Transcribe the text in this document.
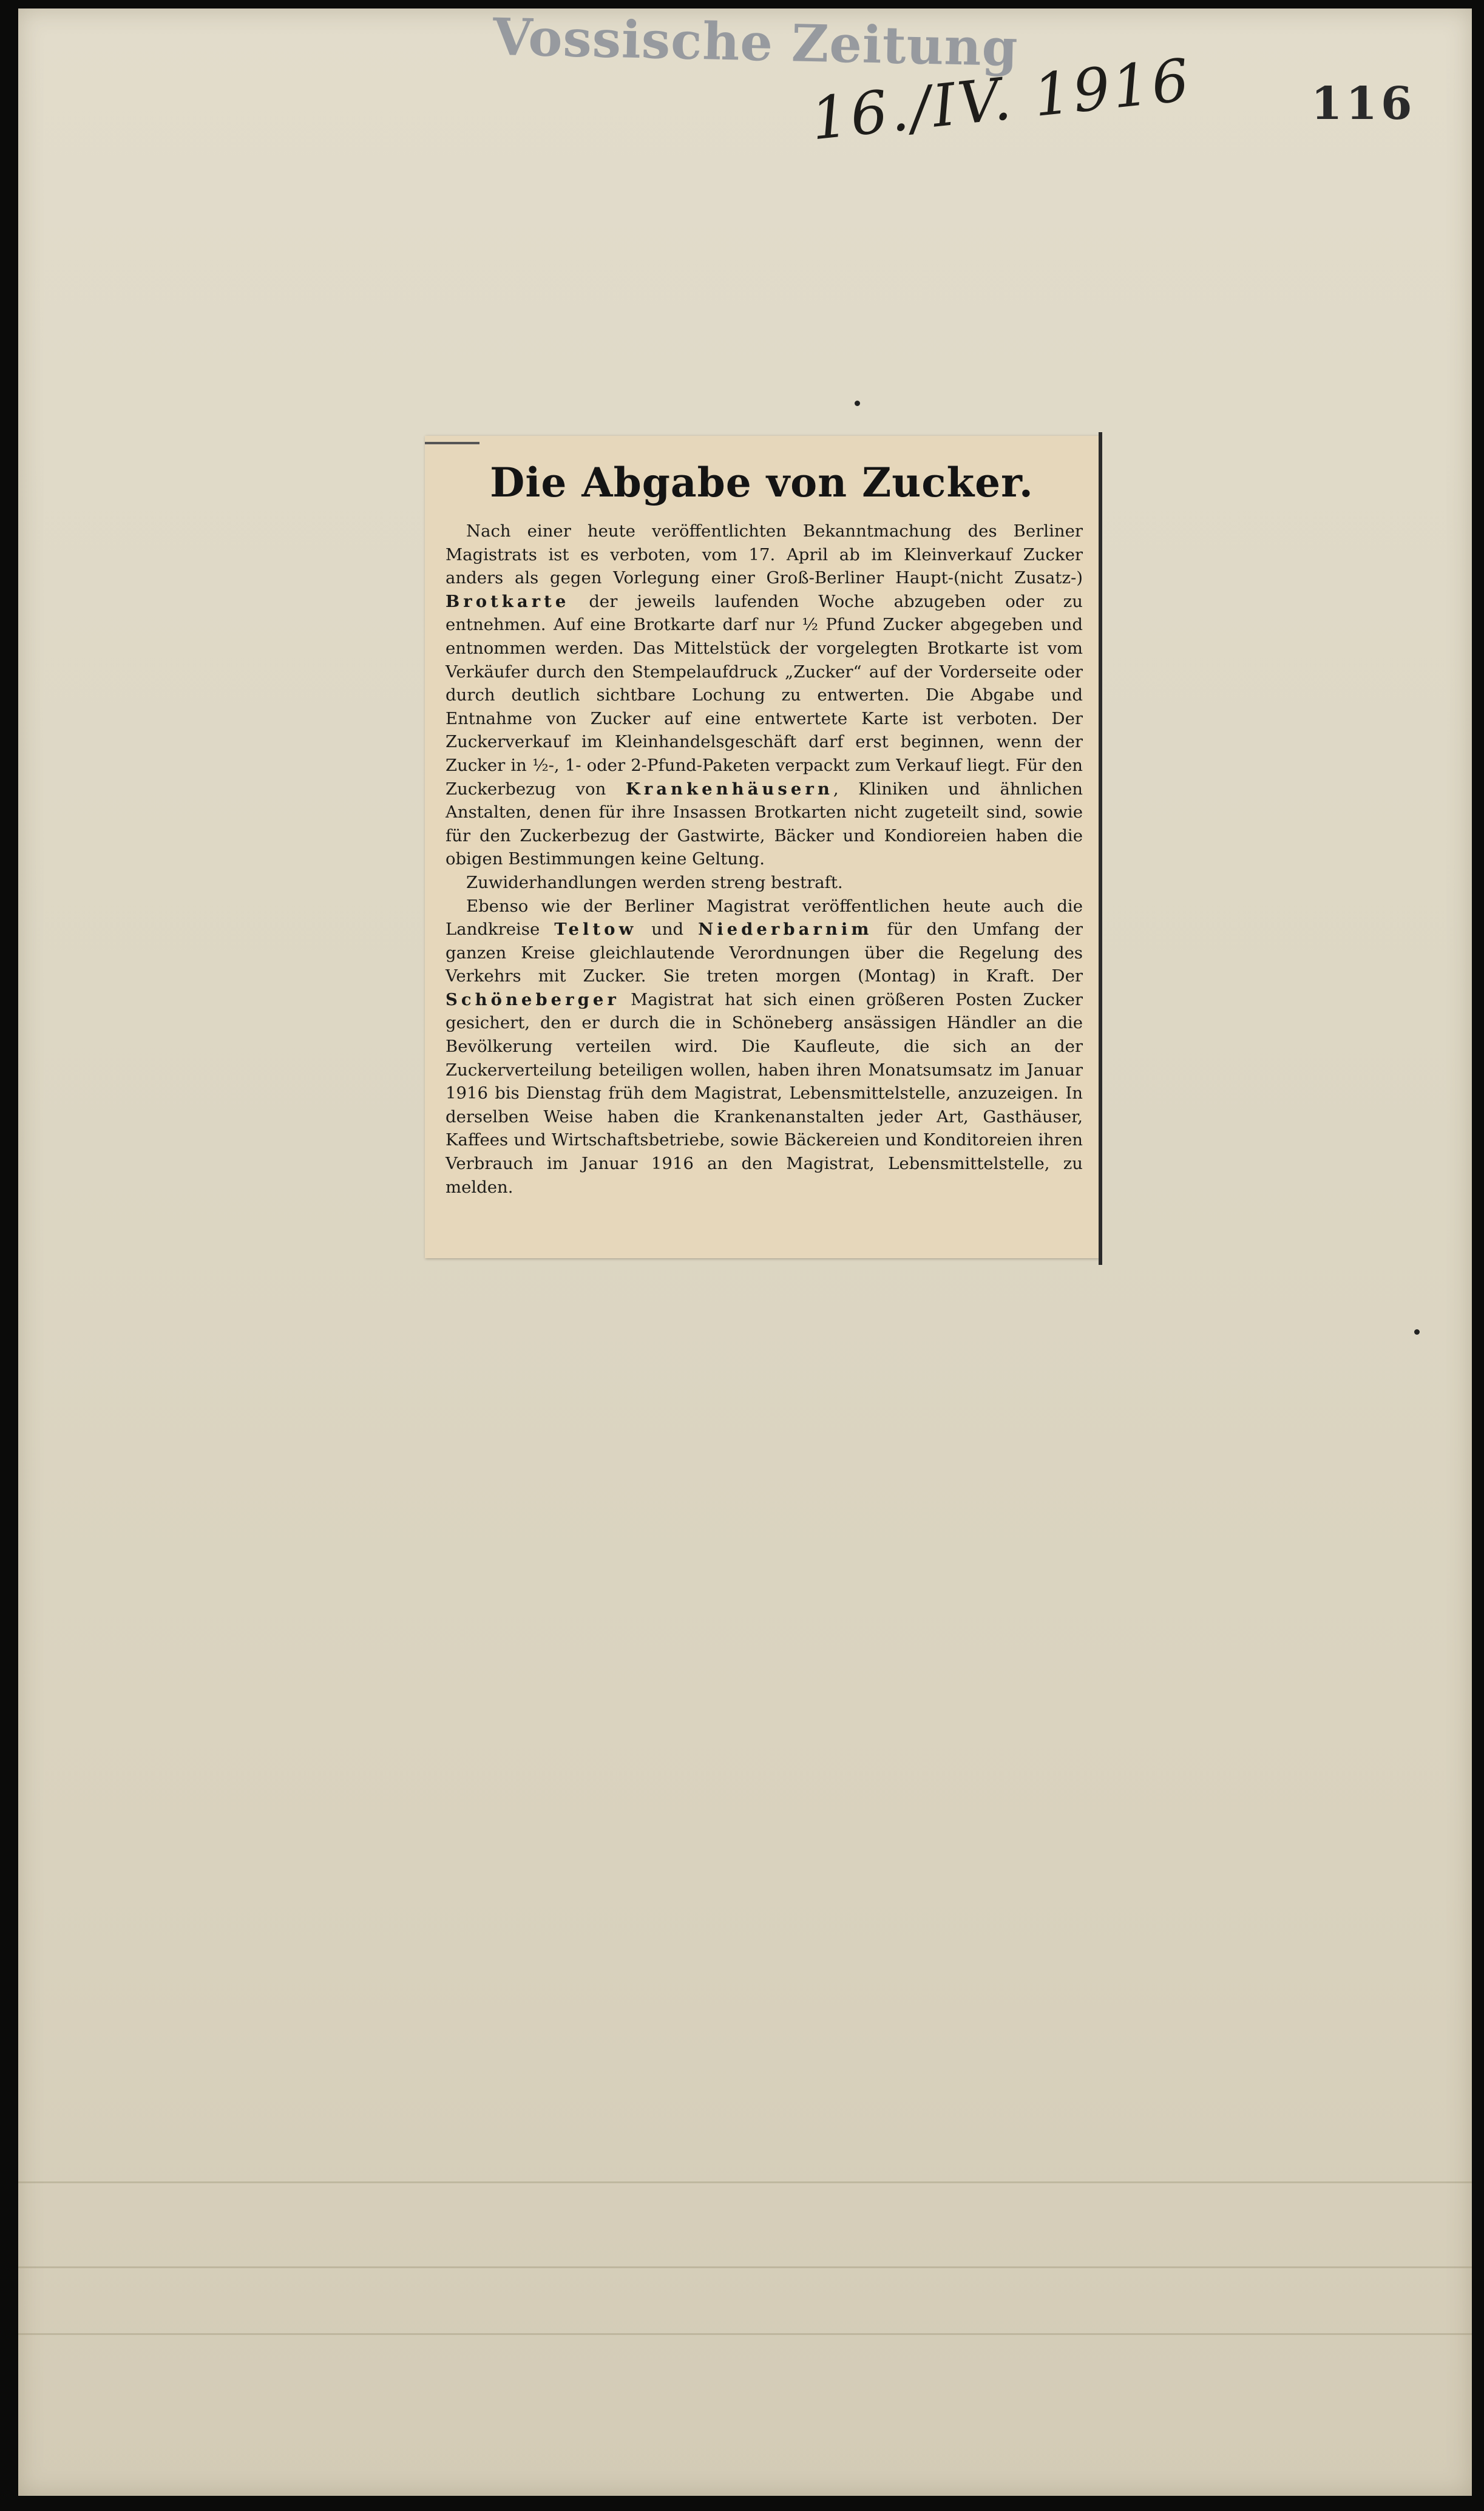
Vossische Zeitung
16./IV. 1916	116
Die Abgabe von Zucker.

Nach einer heute veröffentlichten Bekanntmachung des Berliner Magistrats ist es verboten, vom 17. April ab im Kleinverkauf Zucker anders als gegen Vorlegung einer Groß-Berliner Haupt-(nicht Zusatz-) Brotkarte der jeweils laufenden Woche abzugeben oder zu entnehmen. Auf eine Brotkarte darf nur ½ Pfund Zucker abgegeben und entnommen werden. Das Mittelstück der vorgelegten Brotkarte ist vom Verkäufer durch den Stempelaufdruck „Zucker“ auf der Vorderseite oder durch deutlich sichtbare Lochung zu entwerten. Die Abgabe und Entnahme von Zucker auf eine entwertete Karte ist verboten. Der Zuckerverkauf im Kleinhandelsgeschäft darf erst beginnen, wenn der Zucker in ½-, 1- oder 2-Pfund-Paketen verpackt zum Verkauf liegt. Für den Zuckerbezug von Krankenhäusern, Kliniken und ähnlichen Anstalten, denen für ihre Insassen Brotkarten nicht zugeteilt sind, sowie für den Zuckerbezug der Gastwirte, Bäcker und Kondioreien haben die obigen Bestimmungen keine Geltung.

Zuwiderhandlungen werden streng bestraft.

Ebenso wie der Berliner Magistrat veröffentlichen heute auch die Landkreise Teltow und Niederbarnim für den Umfang der ganzen Kreise gleichlautende Verordnungen über die Regelung des Verkehrs mit Zucker. Sie treten morgen (Montag) in Kraft. Der Schöneberger Magistrat hat sich einen größeren Posten Zucker gesichert, den er durch die in Schöneberg ansässigen Händler an die Bevölkerung verteilen wird. Die Kaufleute, die sich an der Zuckerverteilung beteiligen wollen, haben ihren Monatsumsatz im Januar 1916 bis Dienstag früh dem Magistrat, Lebensmittelstelle, anzuzeigen. In derselben Weise haben die Krankenanstalten jeder Art, Gasthäuser, Kaffees und Wirtschaftsbetriebe, sowie Bäckereien und Konditoreien ihren Verbrauch im Januar 1916 an den Magistrat, Lebensmittelstelle, zu melden.
